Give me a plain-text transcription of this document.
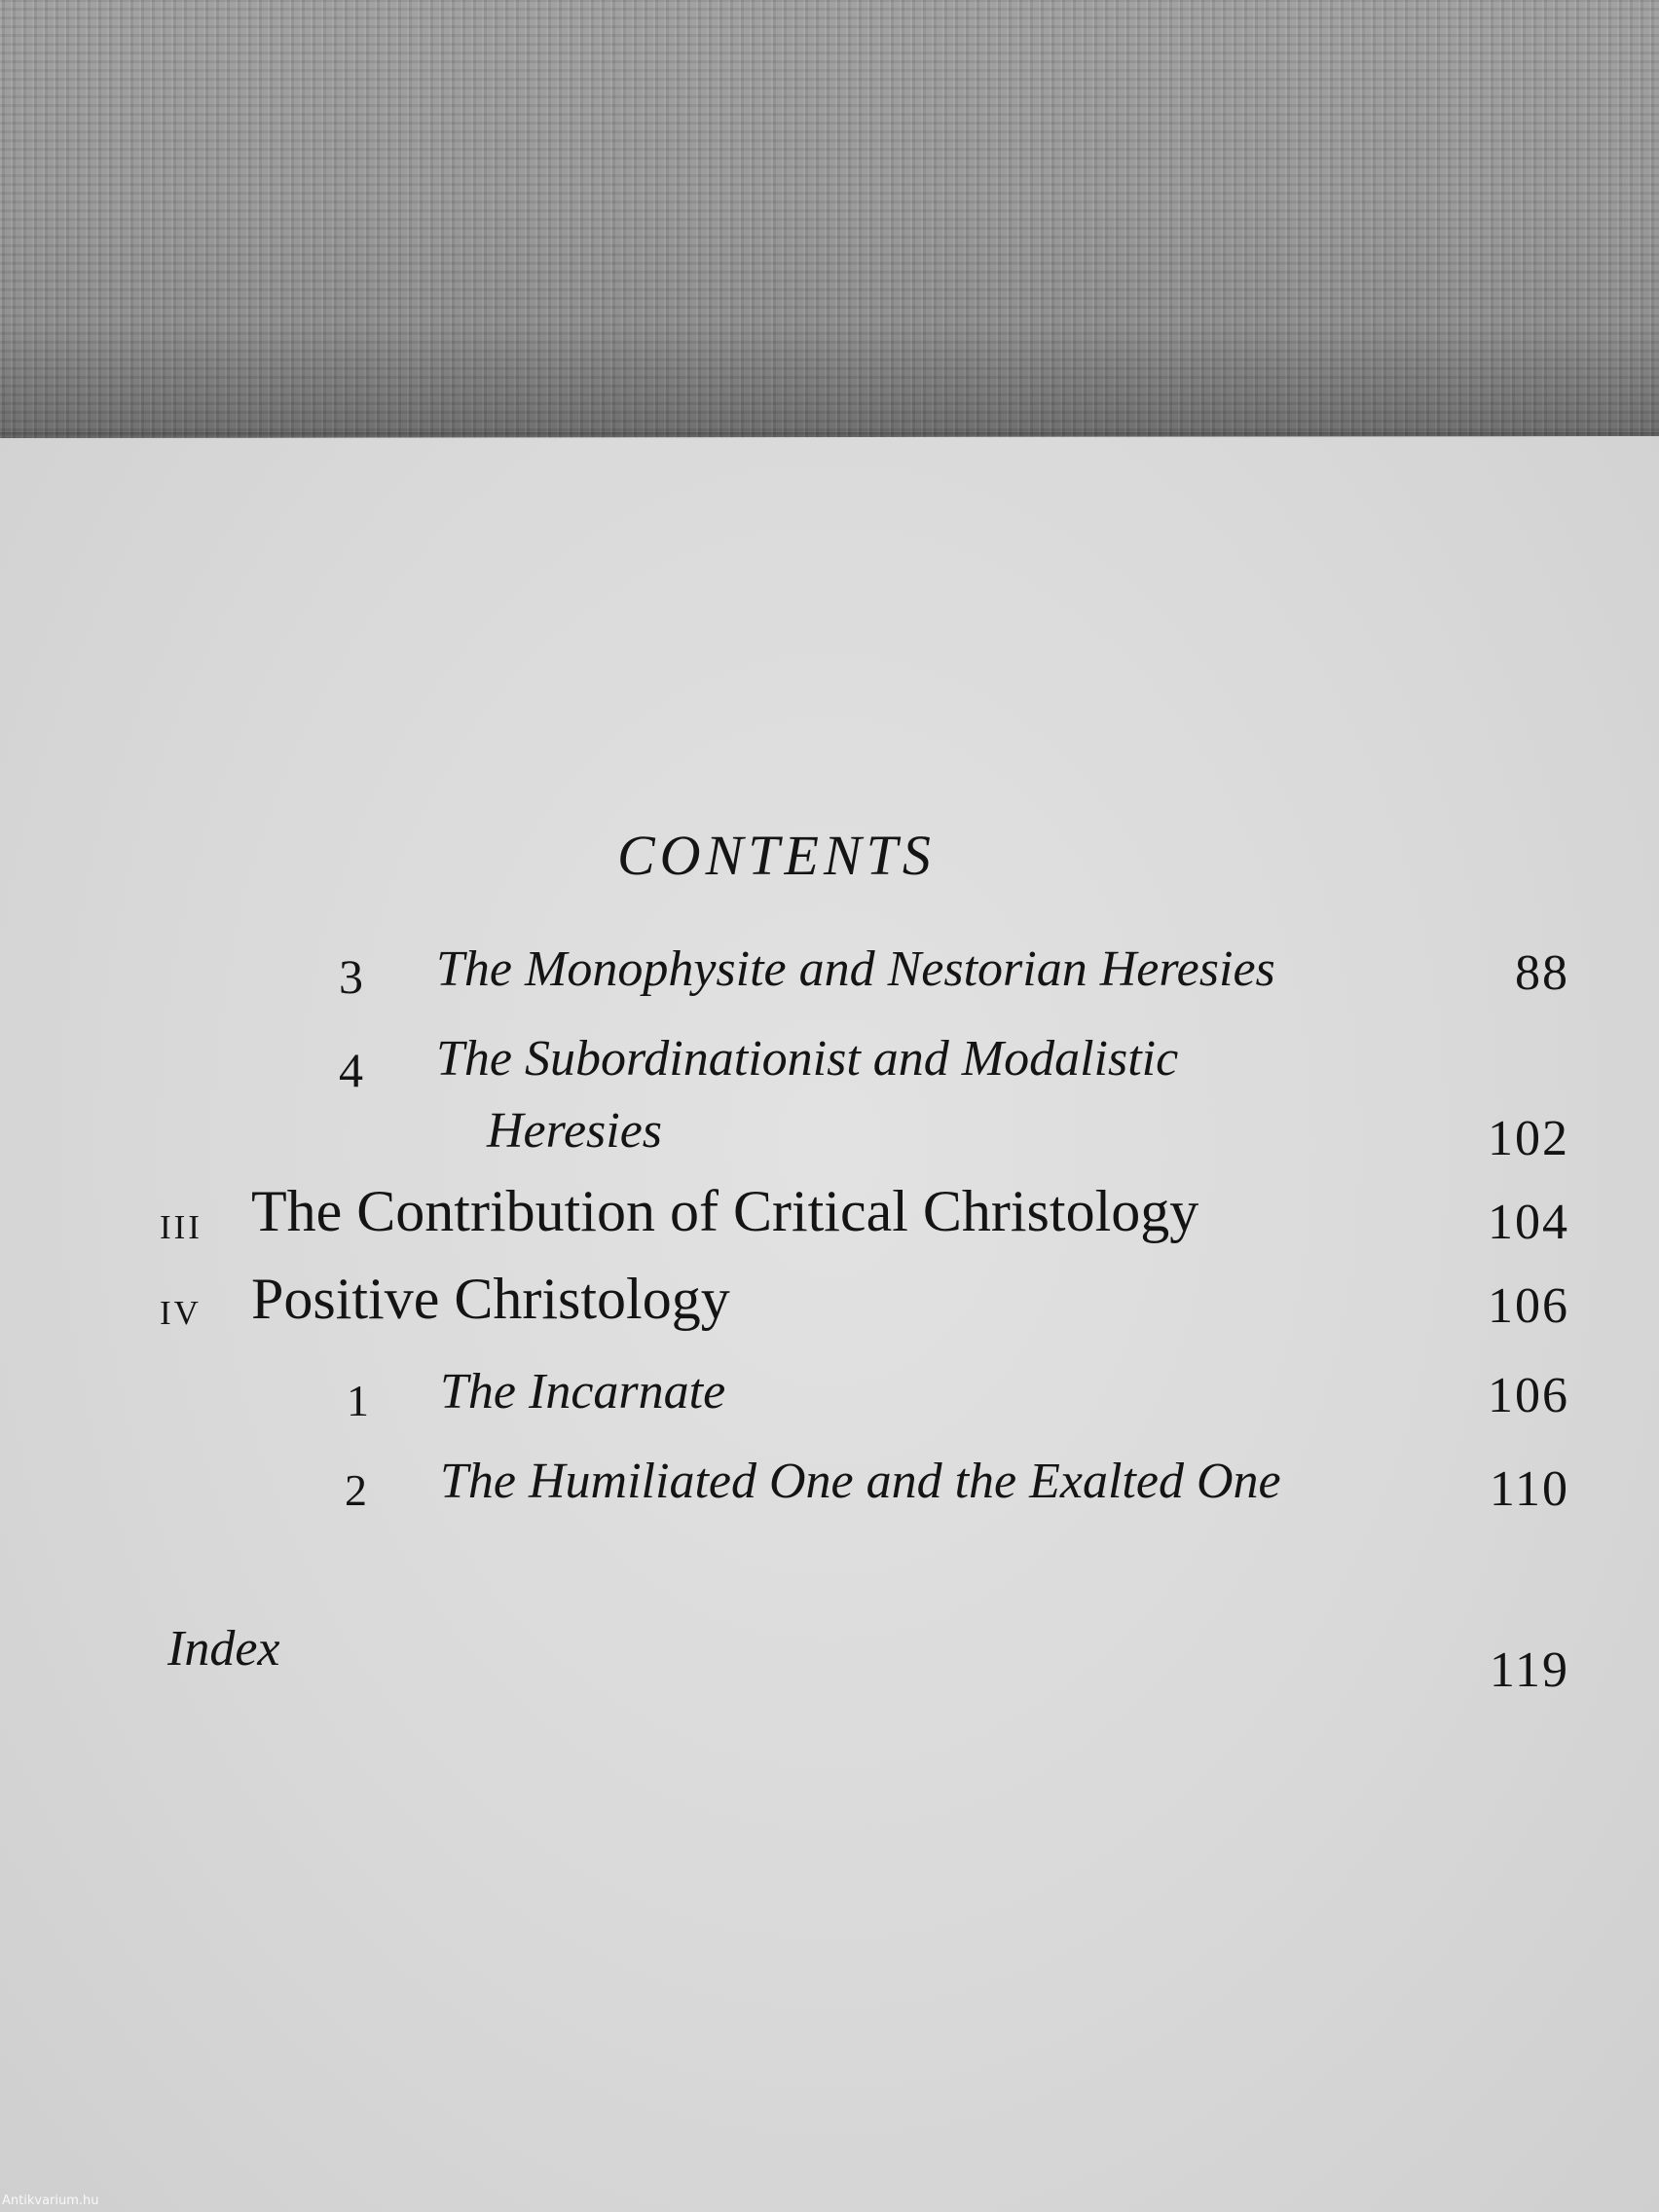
CONTENTS
3 The Monophysite and Nestorian Heresies	88
4 The Subordinationist and Modalistic
Heresies	102
iii The Contribution of Critical Christology	104
iv Positive Christology	106
1 The Incarnate	106
2 The Humiliated One and the Exalted One	110
Index	119
Antikvarium.hu
